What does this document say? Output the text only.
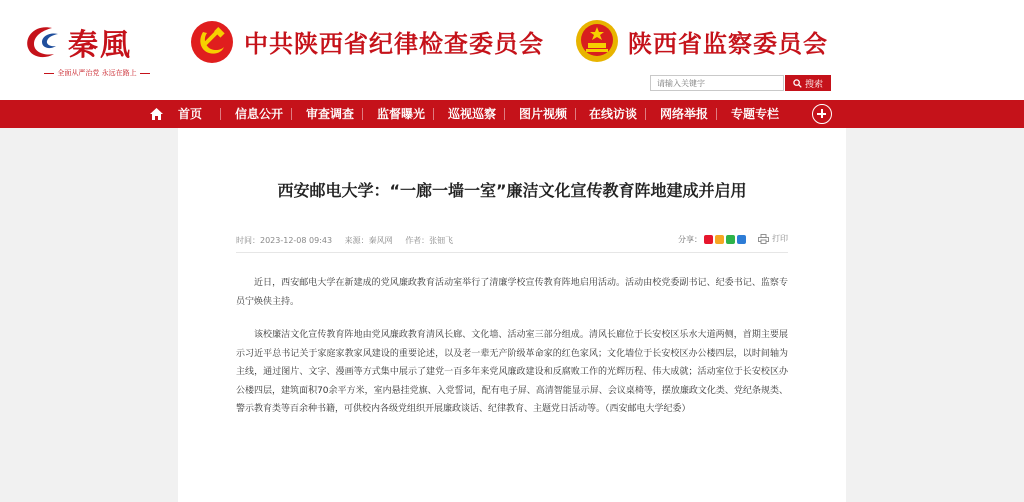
秦風
全面从严治党 永远在路上
中共陕西省纪律检查委员会	陕西省监察委员会
请输入关键字
搜索
首页	信息公开 审查调查 监督曝光 巡视巡察 图片视频 在线访谈 网络举报 专题专栏
西安邮电大学：“一廊一墙一室”廉洁文化宣传教育阵地建成并启用
时间：2023-12-08 09:43 来源：秦风网 作者：张钿飞	分享：	打印

近日，西安邮电大学在新建成的党风廉政教育活动室举行了清廉学校宣传教育阵地启用活动。活动由校党委副书记、纪委书记、监察专员宁焕侠主持。

该校廉洁文化宣传教育阵地由党风廉政教育清风长廊、文化墙、活动室三部分组成。清风长廊位于长安校区乐水大道两侧，首期主要展示习近平总书记关于家庭家教家风建设的重要论述，以及老一辈无产阶级革命家的红色家风；文化墙位于长安校区办公楼四层，以时间轴为主线，通过图片、文字、漫画等方式集中展示了建党一百多年来党风廉政建设和反腐败工作的光辉历程、伟大成就；活动室位于长安校区办公楼四层，建筑面积70余平方米，室内悬挂党旗、入党誓词，配有电子屏、高清智能显示屏、会议桌椅等，摆放廉政文化类、党纪条规类、警示教育类等百余种书籍，可供校内各级党组织开展廉政谈话、纪律教育、主题党日活动等。（西安邮电大学纪委）
